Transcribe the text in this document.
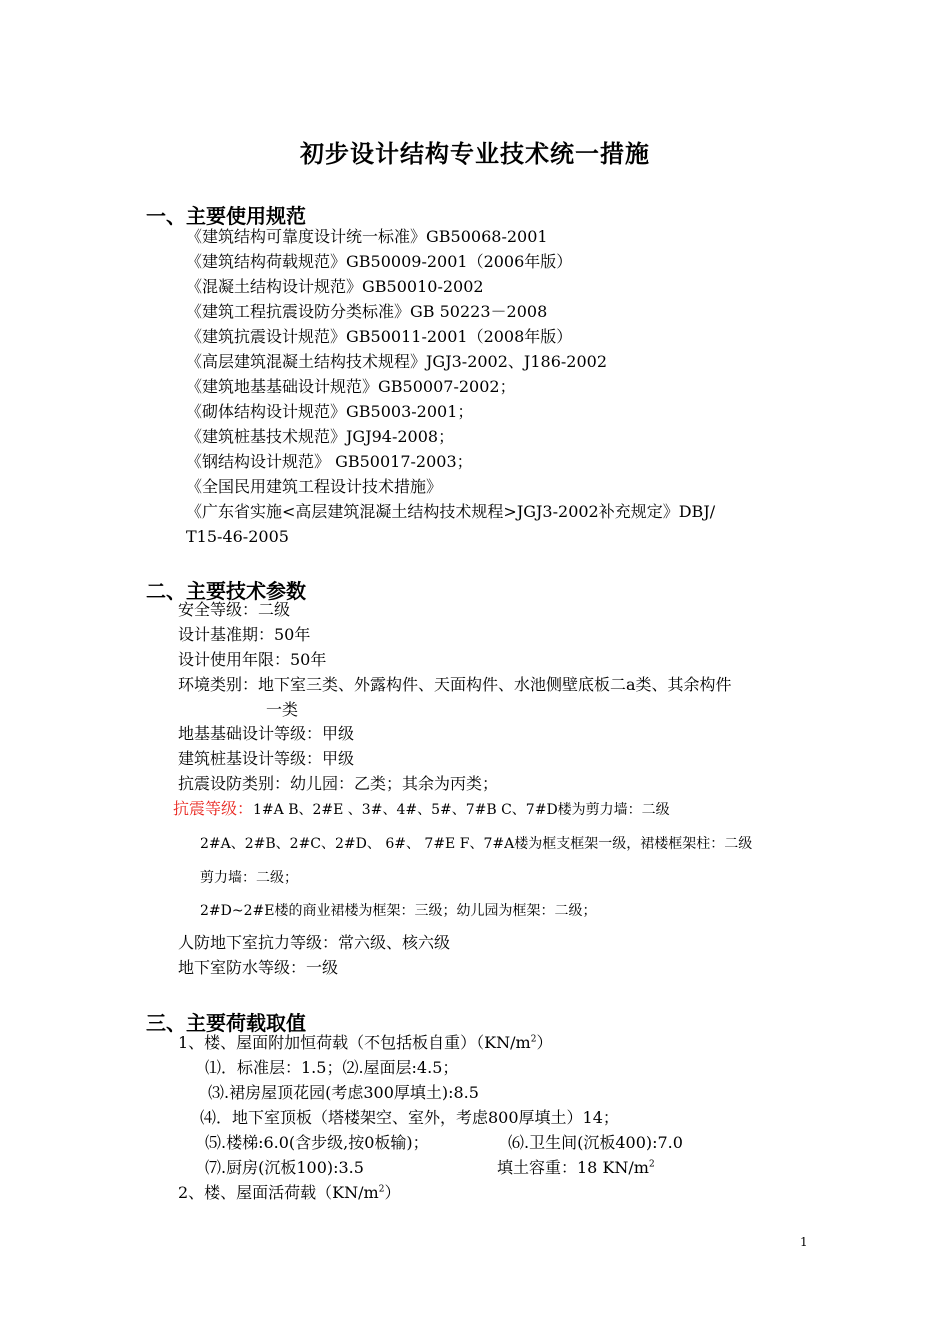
初步设计结构专业技术统一措施
一、主要使用规范
《建筑结构可靠度设计统一标准》GB50068-2001
《建筑结构荷载规范》GB50009-2001（2006年版）
《混凝土结构设计规范》GB50010-2002
《建筑工程抗震设防分类标准》GB 50223－2008
《建筑抗震设计规范》GB50011-2001（2008年版）
《高层建筑混凝土结构技术规程》JGJ3-2002、J186-2002
《建筑地基基础设计规范》GB50007-2002；
《砌体结构设计规范》GB5003-2001；
《建筑桩基技术规范》JGJ94-2008；
《钢结构设计规范》 GB50017-2003；
《全国民用建筑工程设计技术措施》
《广东省实施<高层建筑混凝土结构技术规程>JGJ3-2002补充规定》DBJ/
T15-46-2005
二、主要技术参数
安全等级：二级
设计基准期：50年
设计使用年限：50年
环境类别：地下室三类、外露构件、天面构件、水池侧壁底板二a类、其余构件
一类
地基基础设计等级：甲级
建筑桩基设计等级：甲级
抗震设防类别：幼儿园：乙类；其余为丙类；
抗震等级：1#A B、2#E 、3#、4#、5#、7#B C、7#D楼为剪力墙：二级
2#A、2#B、2#C、2#D、 6#、 7#E F、7#A楼为框支框架一级，裙楼框架柱：二级
剪力墙：二级；
2#D~2#E楼的商业裙楼为框架：三级；幼儿园为框架：二级；
人防地下室抗力等级：常六级、核六级
地下室防水等级：一级
三、主要荷载取值
1、楼、屋面附加恒荷载（不包括板自重）$(KN/m^2)$
⑴．标准层：1.5；⑵.屋面层:4.5；
⑶.裙房屋顶花园(考虑300厚填土):8.5
⑷．地下室顶板（塔楼架空、室外，考虑800厚填土）14；
⑸.楼梯:6.0(含步级,按0板输)；	⑹.卫生间(沉板400):7.0
⑺.厨房(沉板100):3.5	填土容重：18 $KN/m^2$
2、楼、屋面活荷载$(KN/m^2)$
1
